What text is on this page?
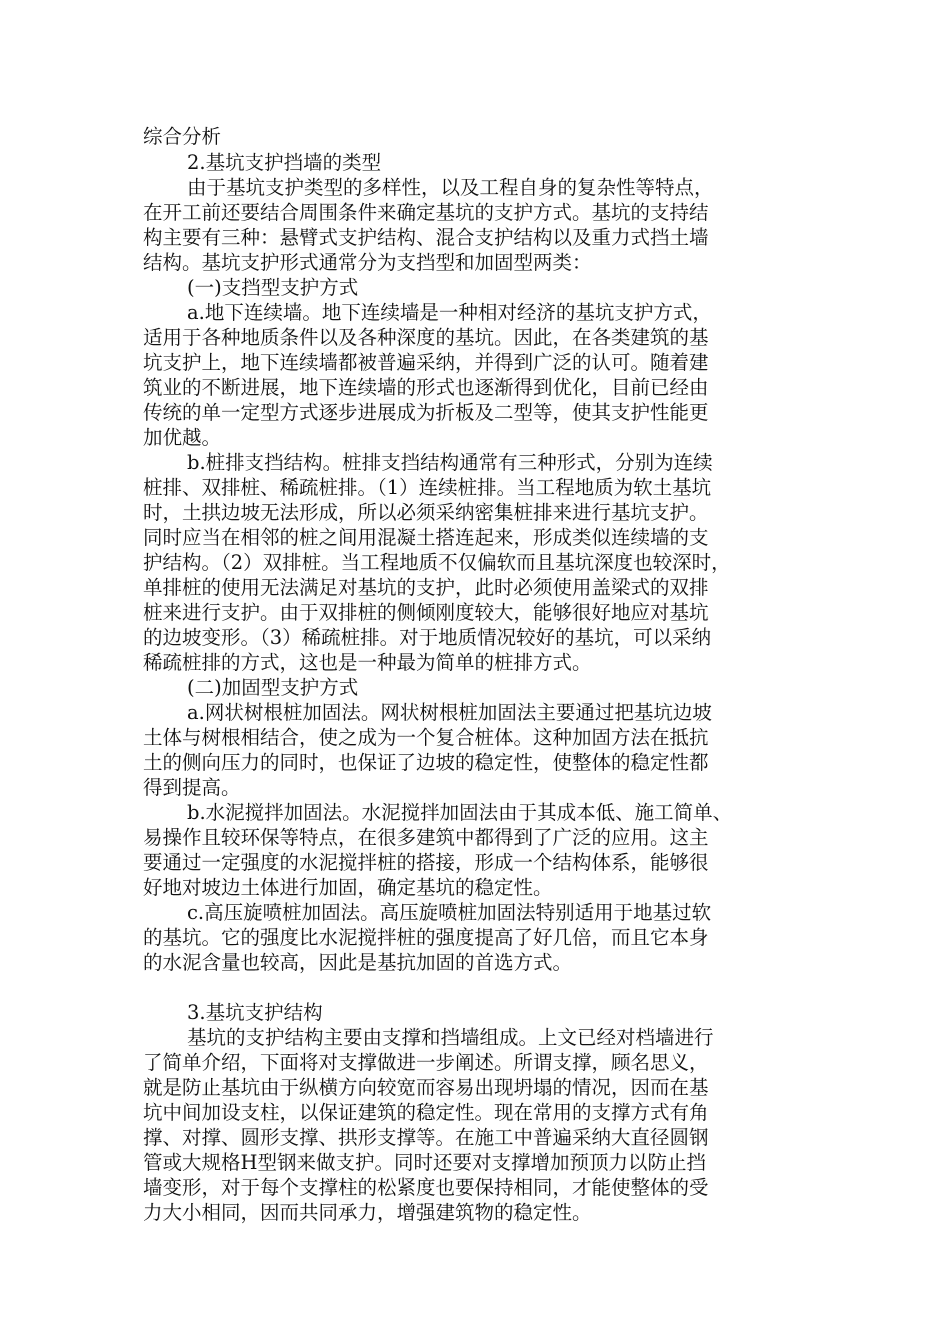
综合分析
2.基坑支护挡墙的类型
由于基坑支护类型的多样性，以及工程自身的复杂性等特点，
在开工前还要结合周围条件来确定基坑的支护方式。基坑的支持结
构主要有三种：悬臂式支护结构、混合支护结构以及重力式挡土墙
结构。基坑支护形式通常分为支挡型和加固型两类：
(一)支挡型支护方式
a.地下连续墙。地下连续墙是一种相对经济的基坑支护方式，
适用于各种地质条件以及各种深度的基坑。因此，在各类建筑的基
坑支护上，地下连续墙都被普遍采纳，并得到广泛的认可。随着建
筑业的不断进展，地下连续墙的形式也逐渐得到优化，目前已经由
传统的单一定型方式逐步进展成为折板及二型等，使其支护性能更
加优越。
b.桩排支挡结构。桩排支挡结构通常有三种形式，分别为连续
桩排、双排桩、稀疏桩排。（1）连续桩排。当工程地质为软土基坑
时，土拱边坡无法形成，所以必须采纳密集桩排来进行基坑支护。
同时应当在相邻的桩之间用混凝土搭连起来，形成类似连续墙的支
护结构。（2）双排桩。当工程地质不仅偏软而且基坑深度也较深时，
单排桩的使用无法满足对基坑的支护，此时必须使用盖梁式的双排
桩来进行支护。由于双排桩的侧倾刚度较大，能够很好地应对基坑
的边坡变形。（3）稀疏桩排。对于地质情况较好的基坑，可以采纳
稀疏桩排的方式，这也是一种最为简单的桩排方式。
(二)加固型支护方式
a.网状树根桩加固法。网状树根桩加固法主要通过把基坑边坡
土体与树根相结合，使之成为一个复合桩体。这种加固方法在抵抗
土的侧向压力的同时，也保证了边坡的稳定性，使整体的稳定性都
得到提高。
b.水泥搅拌加固法。水泥搅拌加固法由于其成本低、施工简单、
易操作且较环保等特点，在很多建筑中都得到了广泛的应用。这主
要通过一定强度的水泥搅拌桩的搭接，形成一个结构体系，能够很
好地对坡边土体进行加固，确定基坑的稳定性。
c.高压旋喷桩加固法。高压旋喷桩加固法特别适用于地基过软
的基坑。它的强度比水泥搅拌桩的强度提高了好几倍，而且它本身
的水泥含量也较高，因此是基抗加固的首选方式。
3.基坑支护结构
基坑的支护结构主要由支撑和挡墙组成。上文已经对档墙进行
了简单介绍，下面将对支撑做进一步阐述。所谓支撑，顾名思义，
就是防止基坑由于纵横方向较宽而容易出现坍塌的情况，因而在基
坑中间加设支柱，以保证建筑的稳定性。现在常用的支撑方式有角
撑、对撑、圆形支撑、拱形支撑等。在施工中普遍采纳大直径圆钢
管或大规格H型钢来做支护。同时还要对支撑增加预顶力以防止挡
墙变形，对于每个支撑柱的松紧度也要保持相同，才能使整体的受
力大小相同，因而共同承力，增强建筑物的稳定性。
